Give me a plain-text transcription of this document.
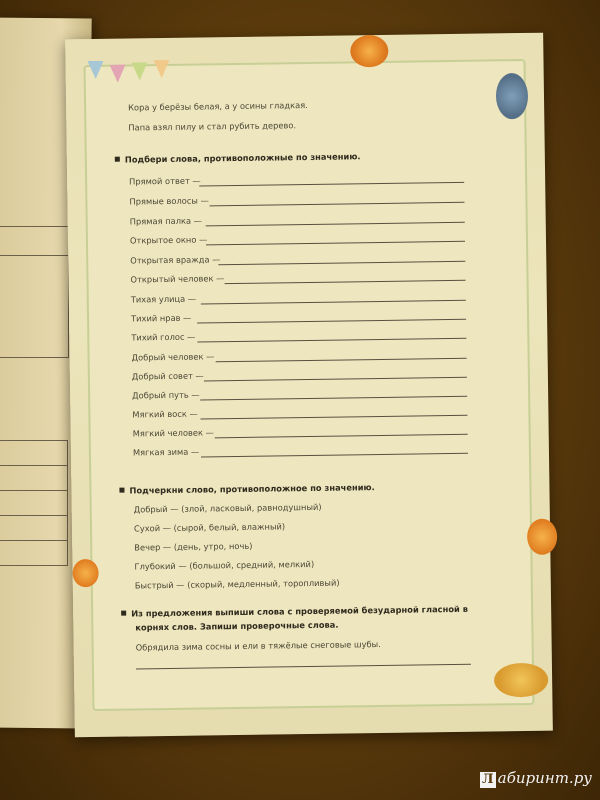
Кора у берёзы белая, а у осины гладкая.
Папа взял пилу и стал рубить дерево.
Подбери слова, противоположные по значению.
Прямой ответ —
Прямые волосы —
Прямая палка —
Открытое окно —
Открытая вражда —
Открытый человек —
Тихая улица —
Тихий нрав —
Тихий голос —
Добрый человек —
Добрый совет —
Добрый путь —
Мягкий воск —
Мягкий человек —
Мягкая зима —
Подчеркни слово, противоположное по значению.
Добрый — (злой, ласковый, равнодушный)
Сухой — (сырой, белый, влажный)
Вечер — (день, утро, ночь)
Глубокий — (большой, средний, мелкий)
Быстрый — (скорый, медленный, торопливый)
Из предложения выпиши слова с проверяемой безударной гласной в
корнях слов. Запиши проверочные слова.
Обрядила зима сосны и ели в тяжёлые снеговые шубы.
Л абиринт.ру
